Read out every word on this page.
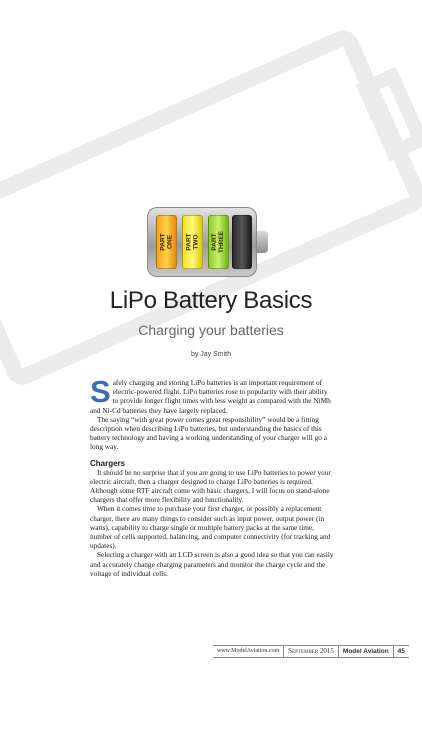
PART
ONE PART
TWO PART
THREE
LiPo Battery Basics
Charging your batteries
by Jay Smith

Safely charging and storing LiPo batteries is an important requirement of electric-powered flight. LiPo batteries rose to popularity with their ability to provide longer flight times with less weight as compared with the NiMh and Ni-Cd batteries they have largely replaced.

The saying “with great power comes great responsibility” would be a fitting description when describing LiPo batteries, but understanding the basics of this battery technology and having a working understanding of your charger will go a long way.

Chargers

It should be no surprise that if you are going to use LiPo batteries to power your electric aircraft, then a charger designed to charge LiPo batteries is required. Although some RTF aircraft come with basic chargers, I will focus on stand-alone chargers that offer more flexibility and functionality.

When it comes time to purchase your first charger, or possibly a replacement charger, there are many things to consider such as input power, output power (in watts), capability to charge single or multiple battery packs at the same time, number of cells supported, balancing, and computer connectivity (for tracking and updates).

Selecting a charger with an LCD screen is also a good idea so that you can easily and accurately change charging parameters and monitor the charge cycle and the voltage of individual cells.

www.ModelAviation.com	September 2015	Model Aviation	45
